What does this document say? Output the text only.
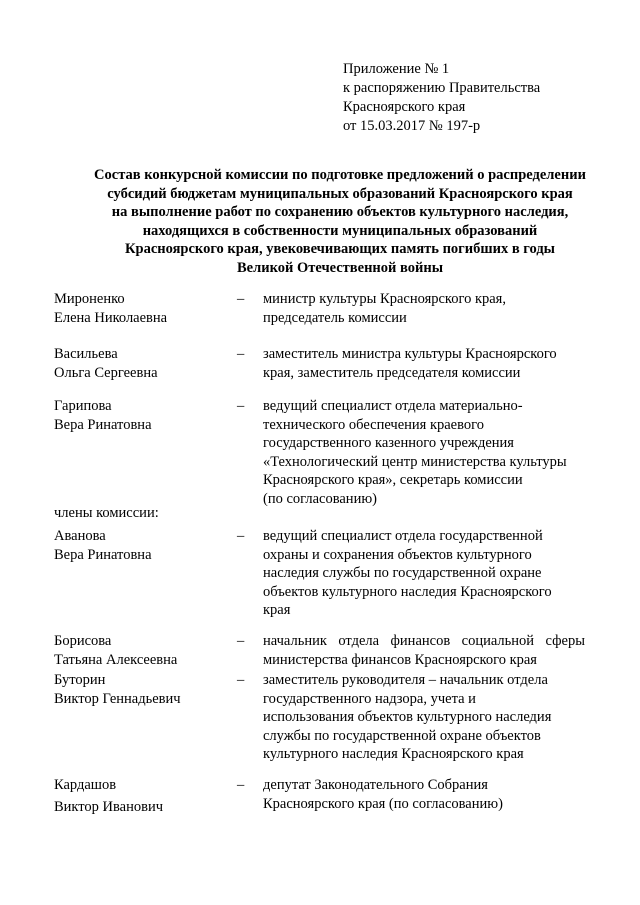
Приложение № 1
к распоряжению Правительства
Красноярского края
от 15.03.2017 № 197-р
Состав конкурсной комиссии по подготовке предложений о распределении
субсидий бюджетам муниципальных образований Красноярского края
на выполнение работ по сохранению объектов культурного наследия,
находящихся в собственности муниципальных образований
Красноярского края, увековечивающих память погибших в годы
Великой Отечественной войны
Мироненко
Елена Николаевна
– министр культуры Красноярского края,
председатель комиссии
Васильева
Ольга Сергеевна
– заместитель министра культуры Красноярского
края, заместитель председателя комиссии
Гарипова
Вера Ринатовна
– ведущий специалист отдела материально-
технического обеспечения краевого
государственного казенного учреждения
«Технологический центр министерства культуры
Красноярского края», секретарь комиссии
(по согласованию)
члены комиссии:
Аванова
Вера Ринатовна
– ведущий специалист отдела государственной
охраны и сохранения объектов культурного
наследия службы по государственной охране
объектов культурного наследия Красноярского
края
Борисова
Татьяна Алексеевна
– начальник отдела финансов социальной сферы
министерства финансов Красноярского края
Буторин
Виктор Геннадьевич
– заместитель руководителя – начальник отдела
государственного надзора, учета и
использования объектов культурного наследия
службы по государственной охране объектов
культурного наследия Красноярского края
Кардашов
Виктор Иванович
– депутат Законодательного Собрания
Красноярского края (по согласованию)
